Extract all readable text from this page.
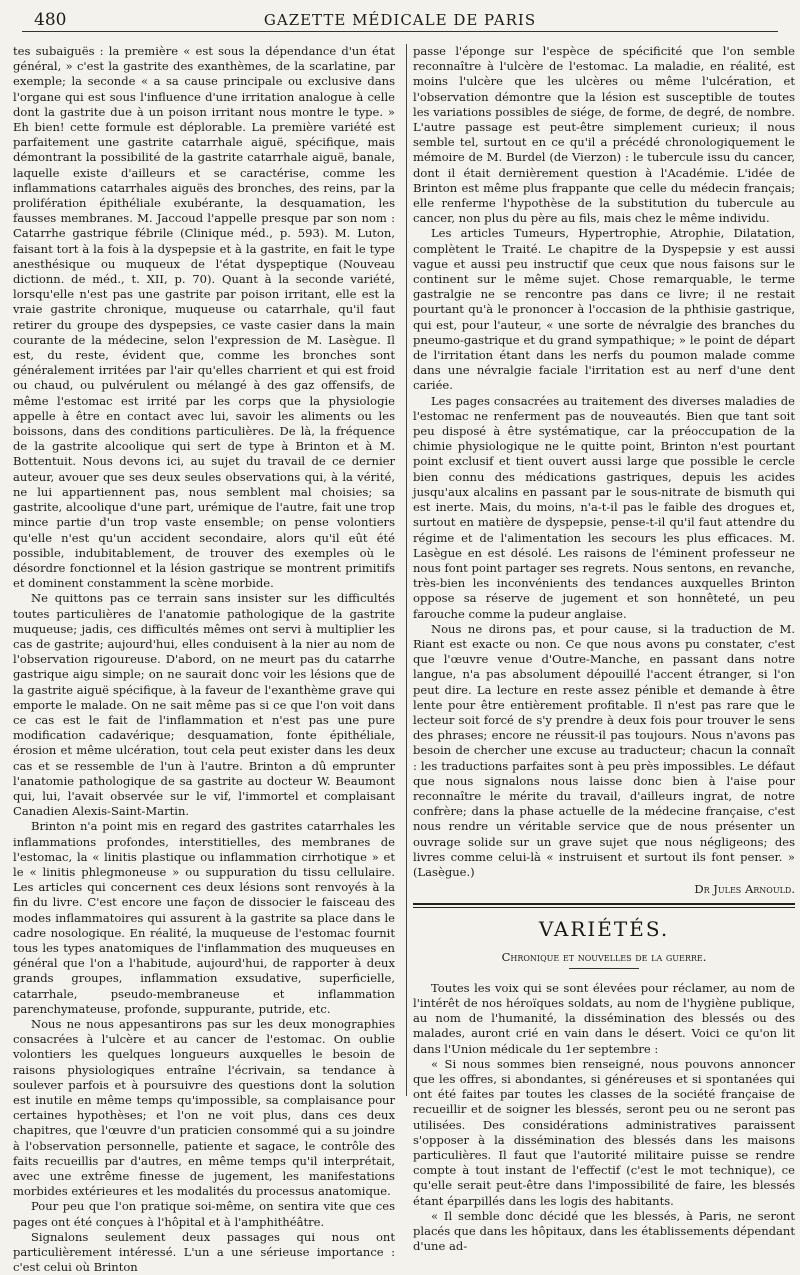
480	GAZETTE MÉDICALE DE PARIS

tes subaiguës : la première « est sous la dépendance d'un état général, » c'est la gastrite des exanthèmes, de la scarlatine, par exemple; la seconde « a sa cause principale ou exclusive dans l'organe qui est sous l'influence d'une irritation analogue à celle dont la gastrite due à un poison irritant nous montre le type. » Eh bien! cette formule est déplorable. La première variété est parfaitement une gastrite catarrhale aiguë, spécifique, mais démontrant la possibilité de la gastrite catarrhale aiguë, banale, laquelle existe d'ailleurs et se caractérise, comme les inflammations catarrhales aiguës des bronches, des reins, par la prolifération épithéliale exubérante, la desquamation, les fausses membranes. M. Jaccoud l'appelle presque par son nom : Catarrhe gastrique fébrile (Clinique méd., p. 593). M. Luton, faisant tort à la fois à la dyspepsie et à la gastrite, en fait le type anesthésique ou muqueux de l'état dyspeptique (Nouveau dictionn. de méd., t. XII, p. 70). Quant à la seconde variété, lorsqu'elle n'est pas une gastrite par poison irritant, elle est la vraie gastrite chronique, muqueuse ou catarrhale, qu'il faut retirer du groupe des dyspepsies, ce vaste casier dans la main courante de la médecine, selon l'expression de M. Lasègue. Il est, du reste, évident que, comme les bronches sont généralement irritées par l'air qu'elles charrient et qui est froid ou chaud, ou pulvérulent ou mélangé à des gaz offensifs, de même l'estomac est irrité par les corps que la physiologie appelle à être en contact avec lui, savoir les aliments ou les boissons, dans des conditions particulières. De là, la fréquence de la gastrite alcoolique qui sert de type à Brinton et à M. Bottentuit. Nous devons ici, au sujet du travail de ce dernier auteur, avouer que ses deux seules observations qui, à la vérité, ne lui appartiennent pas, nous semblent mal choisies; sa gastrite, alcoolique d'une part, urémique de l'autre, fait une trop mince partie d'un trop vaste ensemble; on pense volontiers qu'elle n'est qu'un accident secondaire, alors qu'il eût été possible, indubitablement, de trouver des exemples où le désordre fonctionnel et la lésion gastrique se montrent primitifs et dominent constamment la scène morbide.

Ne quittons pas ce terrain sans insister sur les difficultés toutes particulières de l'anatomie pathologique de la gastrite muqueuse; jadis, ces difficultés mêmes ont servi à multiplier les cas de gastrite; aujourd'hui, elles conduisent à la nier au nom de l'observation rigoureuse. D'abord, on ne meurt pas du catarrhe gastrique aigu simple; on ne saurait donc voir les lésions que de la gastrite aiguë spécifique, à la faveur de l'exanthème grave qui emporte le malade. On ne sait même pas si ce que l'on voit dans ce cas est le fait de l'inflammation et n'est pas une pure modification cadavérique; desquamation, fonte épithéliale, érosion et même ulcération, tout cela peut exister dans les deux cas et se ressemble de l'un à l'autre. Brinton a dû emprunter l'anatomie pathologique de sa gastrite au docteur W. Beaumont qui, lui, l'avait observée sur le vif, l'immortel et complaisant Canadien Alexis-Saint-Martin.

Brinton n'a point mis en regard des gastrites catarrhales les inflammations profondes, interstitielles, des membranes de l'estomac, la « linitis plastique ou inflammation cirrhotique » et le « linitis phlegmoneuse » ou suppuration du tissu cellulaire. Les articles qui concernent ces deux lésions sont renvoyés à la fin du livre. C'est encore une façon de dissocier le faisceau des modes inflammatoires qui assurent à la gastrite sa place dans le cadre nosologique. En réalité, la muqueuse de l'estomac fournit tous les types anatomiques de l'inflammation des muqueuses en général que l'on a l'habitude, aujourd'hui, de rapporter à deux grands groupes, inflammation exsudative, superficielle, catarrhale, pseudo-membraneuse et inflammation parenchymateuse, profonde, suppurante, putride, etc.

Nous ne nous appesantirons pas sur les deux monographies consacrées à l'ulcère et au cancer de l'estomac. On oublie volontiers les quelques longueurs auxquelles le besoin de raisons physiologiques entraîne l'écrivain, sa tendance à soulever parfois et à poursuivre des questions dont la solution est inutile en même temps qu'impossible, sa complaisance pour certaines hypothèses; et l'on ne voit plus, dans ces deux chapitres, que l'œuvre d'un praticien consommé qui a su joindre à l'observation personnelle, patiente et sagace, le contrôle des faits recueillis par d'autres, en même temps qu'il interprétait, avec une extrême finesse de jugement, les manifestations morbides extérieures et les modalités du processus anatomique.

Pour peu que l'on pratique soi-même, on sentira vite que ces pages ont été conçues à l'hôpital et à l'amphithéâtre.

Signalons seulement deux passages qui nous ont particulièrement intéressé. L'un a une sérieuse importance : c'est celui où Brinton

passe l'éponge sur l'espèce de spécificité que l'on semble reconnaître à l'ulcère de l'estomac. La maladie, en réalité, est moins l'ulcère que les ulcères ou même l'ulcération, et l'observation démontre que la lésion est susceptible de toutes les variations possibles de siége, de forme, de degré, de nombre. L'autre passage est peut-être simplement curieux; il nous semble tel, surtout en ce qu'il a précédé chronologiquement le mémoire de M. Burdel (de Vierzon) : le tubercule issu du cancer, dont il était dernièrement question à l'Académie. L'idée de Brinton est même plus frappante que celle du médecin français; elle renferme l'hypothèse de la substitution du tubercule au cancer, non plus du père au fils, mais chez le même individu.

Les articles Tumeurs, Hypertrophie, Atrophie, Dilatation, complètent le Traité. Le chapitre de la Dyspepsie y est aussi vague et aussi peu instructif que ceux que nous faisons sur le continent sur le même sujet. Chose remarquable, le terme gastralgie ne se rencontre pas dans ce livre; il ne restait pourtant qu'à le prononcer à l'occasion de la phthisie gastrique, qui est, pour l'auteur, « une sorte de névralgie des branches du pneumo-gastrique et du grand sympathique; » le point de départ de l'irritation étant dans les nerfs du poumon malade comme dans une névralgie faciale l'irritation est au nerf d'une dent cariée.

Les pages consacrées au traitement des diverses maladies de l'estomac ne renferment pas de nouveautés. Bien que tant soit peu disposé à être systématique, car la préoccupation de la chimie physiologique ne le quitte point, Brinton n'est pourtant point exclusif et tient ouvert aussi large que possible le cercle bien connu des médications gastriques, depuis les acides jusqu'aux alcalins en passant par le sous-nitrate de bismuth qui est inerte. Mais, du moins, n'a-t-il pas le faible des drogues et, surtout en matière de dyspepsie, pense-t-il qu'il faut attendre du régime et de l'alimentation les secours les plus efficaces. M. Lasègue en est désolé. Les raisons de l'éminent professeur ne nous font point partager ses regrets. Nous sentons, en revanche, très-bien les inconvénients des tendances auxquelles Brinton oppose sa réserve de jugement et son honnêteté, un peu farouche comme la pudeur anglaise.

Nous ne dirons pas, et pour cause, si la traduction de M. Riant est exacte ou non. Ce que nous avons pu constater, c'est que l'œuvre venue d'Outre-Manche, en passant dans notre langue, n'a pas absolument dépouillé l'accent étranger, si l'on peut dire. La lecture en reste assez pénible et demande à être lente pour être entièrement profitable. Il n'est pas rare que le lecteur soit forcé de s'y prendre à deux fois pour trouver le sens des phrases; encore ne réussit-il pas toujours. Nous n'avons pas besoin de chercher une excuse au traducteur; chacun la connaît : les traductions parfaites sont à peu près impossibles. Le défaut que nous signalons nous laisse donc bien à l'aise pour reconnaître le mérite du travail, d'ailleurs ingrat, de notre confrère; dans la phase actuelle de la médecine française, c'est nous rendre un véritable service que de nous présenter un ouvrage solide sur un grave sujet que nous négligeons; des livres comme celui-là « instruisent et surtout ils font penser. » (Lasègue.)

Dr Jules Arnould.
VARIÉTÉS.
Chronique et nouvelles de la guerre.

Toutes les voix qui se sont élevées pour réclamer, au nom de l'intérêt de nos héroïques soldats, au nom de l'hygiène publique, au nom de l'humanité, la dissémination des blessés ou des malades, auront crié en vain dans le désert. Voici ce qu'on lit dans l'Union médicale du 1er septembre :

« Si nous sommes bien renseigné, nous pouvons annoncer que les offres, si abondantes, si généreuses et si spontanées qui ont été faites par toutes les classes de la société française de recueillir et de soigner les blessés, seront peu ou ne seront pas utilisées. Des considérations administratives paraissent s'opposer à la dissémination des blessés dans les maisons particulières. Il faut que l'autorité militaire puisse se rendre compte à tout instant de l'effectif (c'est le mot technique), ce qu'elle serait peut-être dans l'impossibilité de faire, les blessés étant éparpillés dans les logis des habitants.

« Il semble donc décidé que les blessés, à Paris, ne seront placés que dans les hôpitaux, dans les établissements dépendant d'une ad-
